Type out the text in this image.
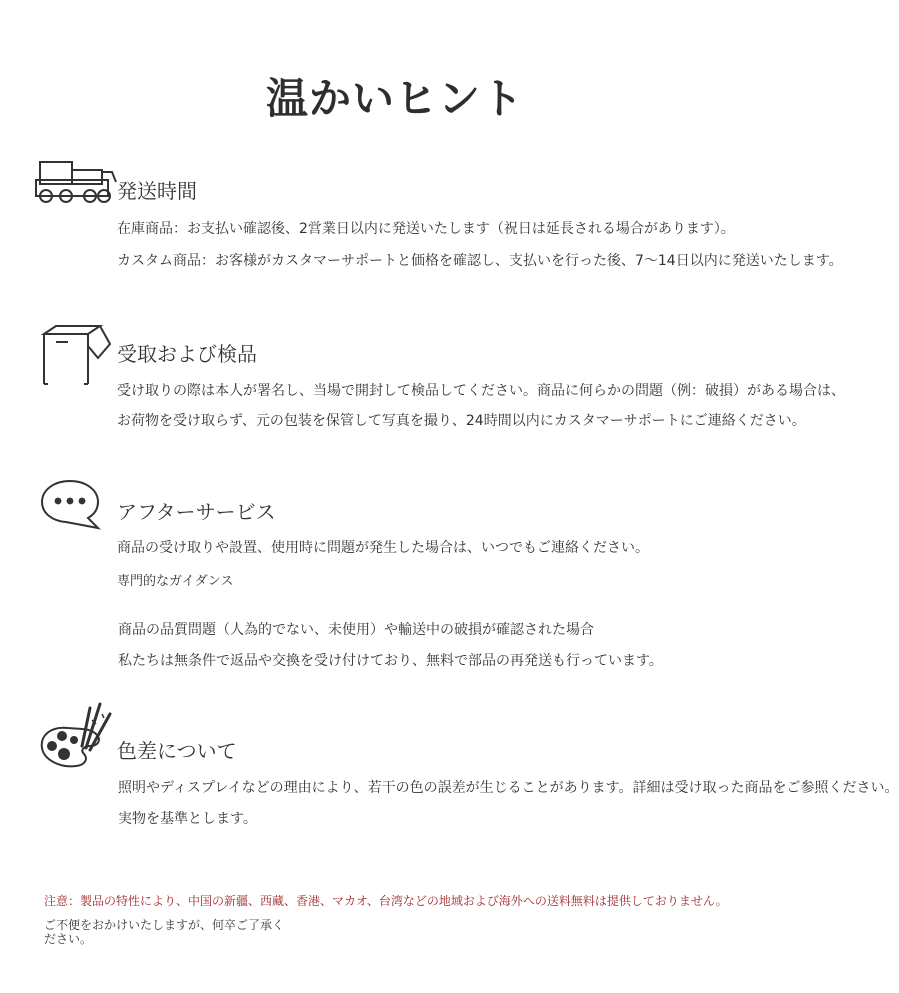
温かいヒント
発送時間
在庫商品：お支払い確認後、2営業日以内に発送いたします（祝日は延長される場合があります）。
カスタム商品：お客様がカスタマーサポートと価格を確認し、支払いを行った後、7～14日以内に発送いたします。
受取および検品
受け取りの際は本人が署名し、当場で開封して検品してください。商品に何らかの問題（例：破損）がある場合は、
お荷物を受け取らず、元の包装を保管して写真を撮り、24時間以内にカスタマーサポートにご連絡ください。
アフターサービス
商品の受け取りや設置、使用時に問題が発生した場合は、いつでもご連絡ください。
専門的なガイダンス
商品の品質問題（人為的でない、未使用）や輸送中の破損が確認された場合
私たちは無条件で返品や交換を受け付けており、無料で部品の再発送も行っています。
色差について
照明やディスプレイなどの理由により、若干の色の誤差が生じることがあります。詳細は受け取った商品をご参照ください。
実物を基準とします。
注意：製品の特性により、中国の新疆、西藏、香港、マカオ、台湾などの地域および海外への送料無料は提供しておりません。
ご不便をおかけいたしますが、何卒ご了承ください。
